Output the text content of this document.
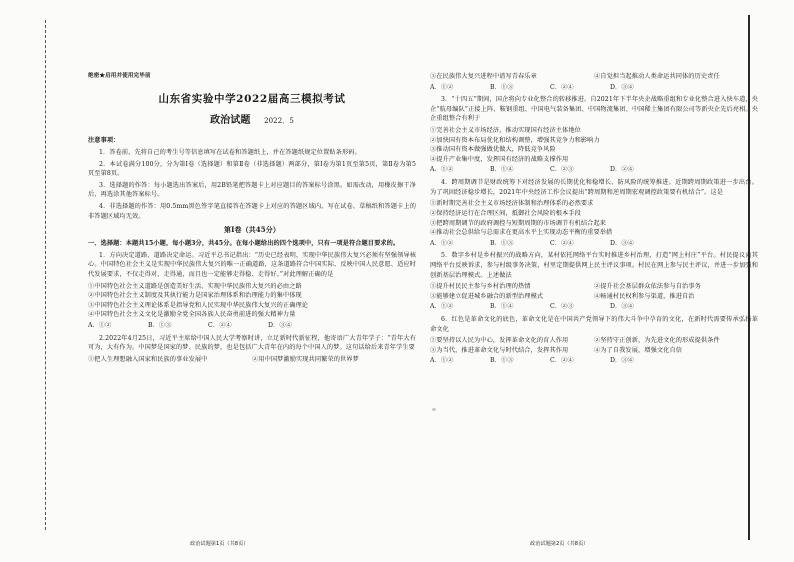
绝密★启用并使用完毕前
山东省实验中学2022届高三模拟考试
政治试题 2022．5
注意事项：

1．答卷前，先将自己的考生号等信息填写在试卷和答题纸上，并在答题纸规定位置贴条形码。

2．本试卷满分100分，分为第Ⅰ卷（选择题）和第Ⅱ卷（非选择题）两部分，第Ⅰ卷为第1页至第5页，第Ⅱ卷为第5页至第8页。

3．选择题的作答：每小题选出答案后，用2B铅笔把答题卡上对应题目的答案标号涂黑。如需改动，用橡皮擦干净后，再选涂其他答案标号。

4．非选择题的作答：用0.5mm黑色签字笔直接答在答题卡上对应的答题区域内。写在试卷、草稿纸和答题卡上的非答题区域均无效。

第Ⅰ卷（共45分）

一、选择题：本题共15小题，每小题3分，共45分。在每小题给出的四个选项中，只有一项是符合题目要求的。

1．方向决定道路，道路决定命运。习近平总书记指出：“历史已经表明，实现中华民族伟大复兴必须有坚强领导核心。中国特色社会主义是实现中华民族伟大复兴的唯一正确道路，这条道路符合中国实际、反映中国人民意愿、适应时代发展要求，不仅走得对、走得通，而且也一定能够走得稳、走得好。”对此理解正确的是

①中国特色社会主义道路是创造美好生活、实现中华民族伟大复兴的必由之路

②中国特色社会主义制度及其执行能力是国家治理体系和治理能力的集中体现

③中国特色社会主义理论体系是指导党和人民实现中华民族伟大复兴的正确理论

④中国特色社会主义文化是激励全党全国各族人民奋勇前进的强大精神力量

A．①②	B．①③	C．②④	D．③④

2.2022年4月25日，习近平主席给中国人民大学考察时讲，立足新时代新征程，他寄语广大青年学子：“青年大有可为，大有作为。中国梦是国家的梦、民族的梦，也是包括广大青年在内的每个中国人的梦。这句话给后来青年学生要

①把人生理想融入国家和民族的事业发展中	②用中国梦激励实现共同繁荣的世界梦
③在民族伟大复兴进程中谱写青春乐章	④自觉担当起推动人类命运共同体的历史责任
A．①②	B．①③	C．②④	D．③④

3．“十四五”期间，国企将向专业化整合的转移推进。自2021年下半年央企战略重组和专业化整合进入快车道，央企“航母编队”正接上阵，鞍钢重组、中国电气装备集团、中国物流集团、中国稀土集团有限公司等新央企先后亮相。央企重组整合有利于

①完善社会主义市场经济，推动实现国有经济主体地位

②加快国有资本布局优化和结构调整，增强其竞争力和影响力

③推动国有资本做强做优做大，降低竞争风险

④提升产业集中度，发挥国有经济的战略支撑作用

A．①②	B．①④	C．②③	D．②④

4．跨周期调节是财政统筹下对经济发展的长期优化和稳增长、防风险的统筹推进。近期跨周期政策进一步出台。为了巩固经济稳步增长，2021年中央经济工作会议提出“跨周期和逆周期宏观调控政策要有机结合”。这是

①新时期完善社会主义市场经济体制和治理体系的必然要求

②保持经济运行在合理区间，抵御社会风险的根本手段

③把跨周期调节的政府调控与短期周期的市场调节有机结合起来

④推动社会总供给与总需求在更高水平上实现动态平衡的重要举措

A．①②	B．①③	C．②④	D．③④

5．数字乡村是乡村振兴的战略方向，某村依托网络平台实时推进乡村治理，打造“网上村庄”平台。村民提议向其网络平台反映诉求，参与村级事务决策，村里定期提供网上民主评议事项。村民在网上参与民主评议，并进一步加强和创新基层治理模式。上述做法

①提升村民民主参与乡村治理的热情	②提升社会基层群众依法参与自治事务
③能够建立促进城乡融合的新型治理模式	④畅通村民权利参与渠道，推进自治
A．①②	B．①④	C．②③	D．③④

6．红色是革命文化的底色，革命文化是在中国共产党领导下的伟大斗争中孕育的文化，在新时代需要传承弘扬革命文化

①要坚持以人民为中心，发挥革命文化的育人作用	②坚持守正创新，为先进文化的形成提供条件
③为当代，推进革命文化与时代结合，发挥其作用	④为了自我发展，增强文化自信
A．①②	B．①③	C．②④	D．③④
政治试题第1页（共8页）	政治试题第2页（共8页）
